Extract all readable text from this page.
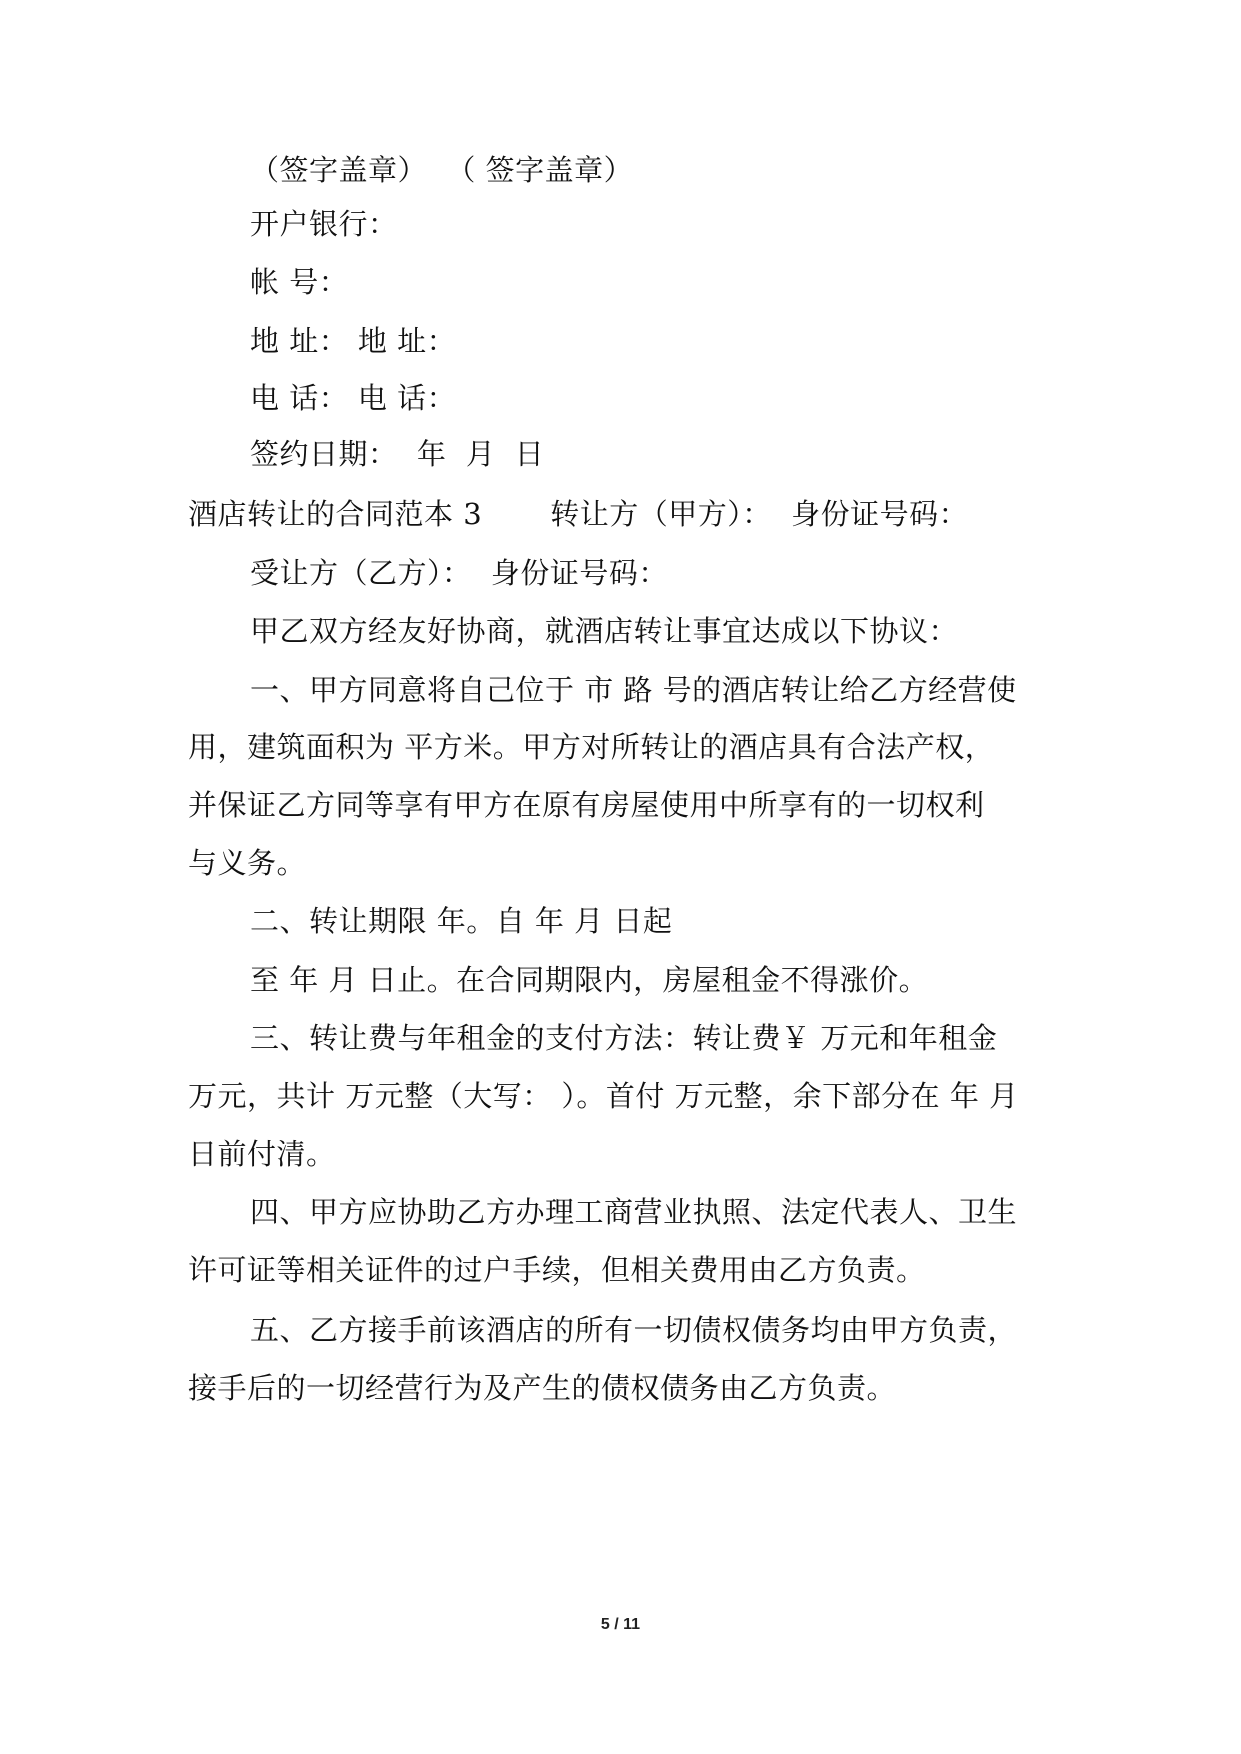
（签字盖章）  （ 签字盖章）
开户银行：
帐 号：
地 址： 地 址：
电 话： 电 话：
签约日期：  年  月  日
酒店转让的合同范本 3       转让方（甲方）：  身份证号码：
受让方（乙方）：  身份证号码：
甲乙双方经友好协商，就酒店转让事宜达成以下协议：
一、甲方同意将自己位于 市 路 号的酒店转让给乙方经营使
用，建筑面积为 平方米。甲方对所转让的酒店具有合法产权，
并保证乙方同等享有甲方在原有房屋使用中所享有的一切权利
与义务。
二、转让期限 年。自 年 月 日起
至 年 月 日止。在合同期限内，房屋租金不得涨价。
三、转让费与年租金的支付方法：转让费￥ 万元和年租金
万元，共计 万元整（大写： ）。首付 万元整，余下部分在 年 月
日前付清。
四、甲方应协助乙方办理工商营业执照、法定代表人、卫生
许可证等相关证件的过户手续，但相关费用由乙方负责。
五、乙方接手前该酒店的所有一切债权债务均由甲方负责，
接手后的一切经营行为及产生的债权债务由乙方负责。
5 / 11
